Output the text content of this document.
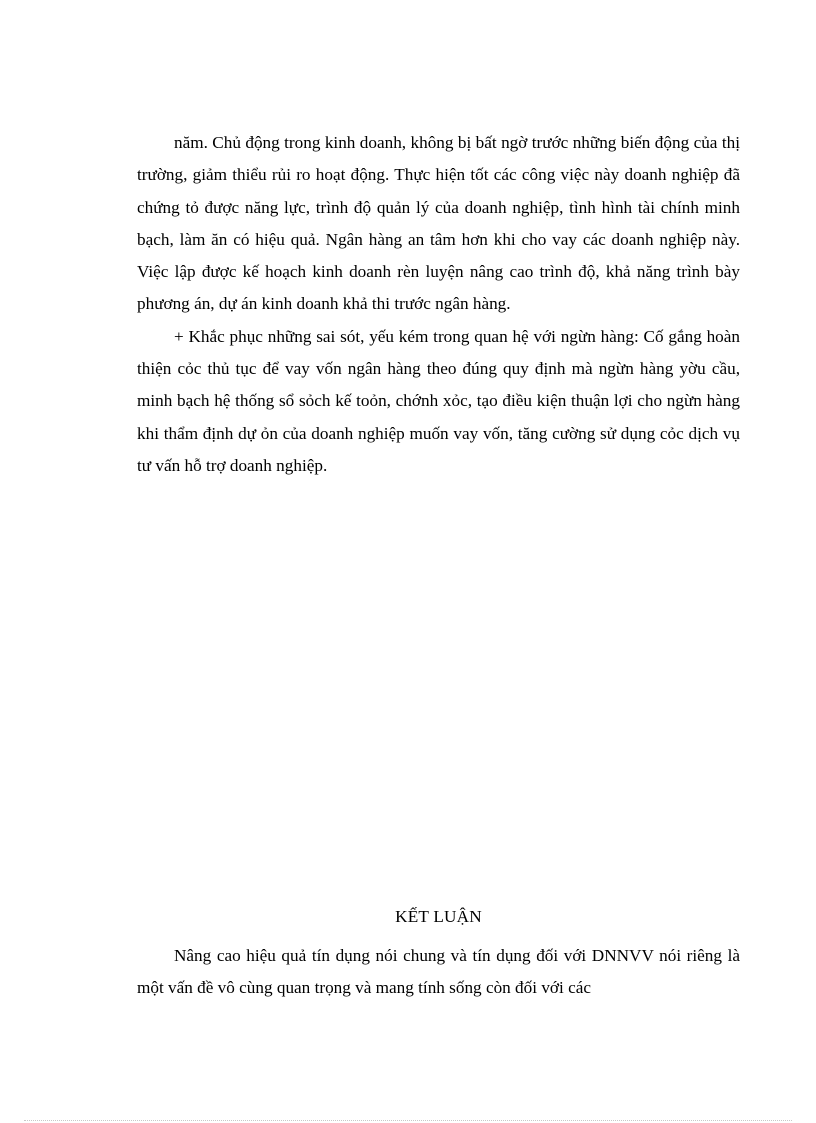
năm. Chủ động trong kinh doanh, không bị bất ngờ trước những biến động của thị trường, giảm thiểu rủi ro hoạt động. Thực hiện tốt các công việc này doanh nghiệp đã chứng tỏ được năng lực, trình độ quản lý của doanh nghiệp, tình hình tài chính minh bạch, làm ăn có hiệu quả. Ngân hàng an tâm hơn khi cho vay các doanh nghiệp này. Việc lập được kế hoạch kinh doanh rèn luyện nâng cao trình độ, khả năng trình bày phương án, dự án kinh doanh khả thi trước ngân hàng.

+ Khắc phục những sai sót, yếu kém trong quan hệ với ngừn hàng: Cố gắng hoàn thiện cỏc thủ tục để vay vốn ngân hàng theo đúng quy định mà ngừn hàng yờu cầu, minh bạch hệ thống sổ sỏch kế toỏn, chớnh xỏc, tạo điều kiện thuận lợi cho ngừn hàng khi thẩm định dự ỏn của doanh nghiệp muốn vay vốn, tăng cường sử dụng cỏc dịch vụ tư vấn hỗ trợ doanh nghiệp.

KẾT LUẬN

Nâng cao hiệu quả tín dụng nói chung và tín dụng đối với DNNVV nói riêng là một vấn đề vô cùng quan trọng và mang tính sống còn đối với các
